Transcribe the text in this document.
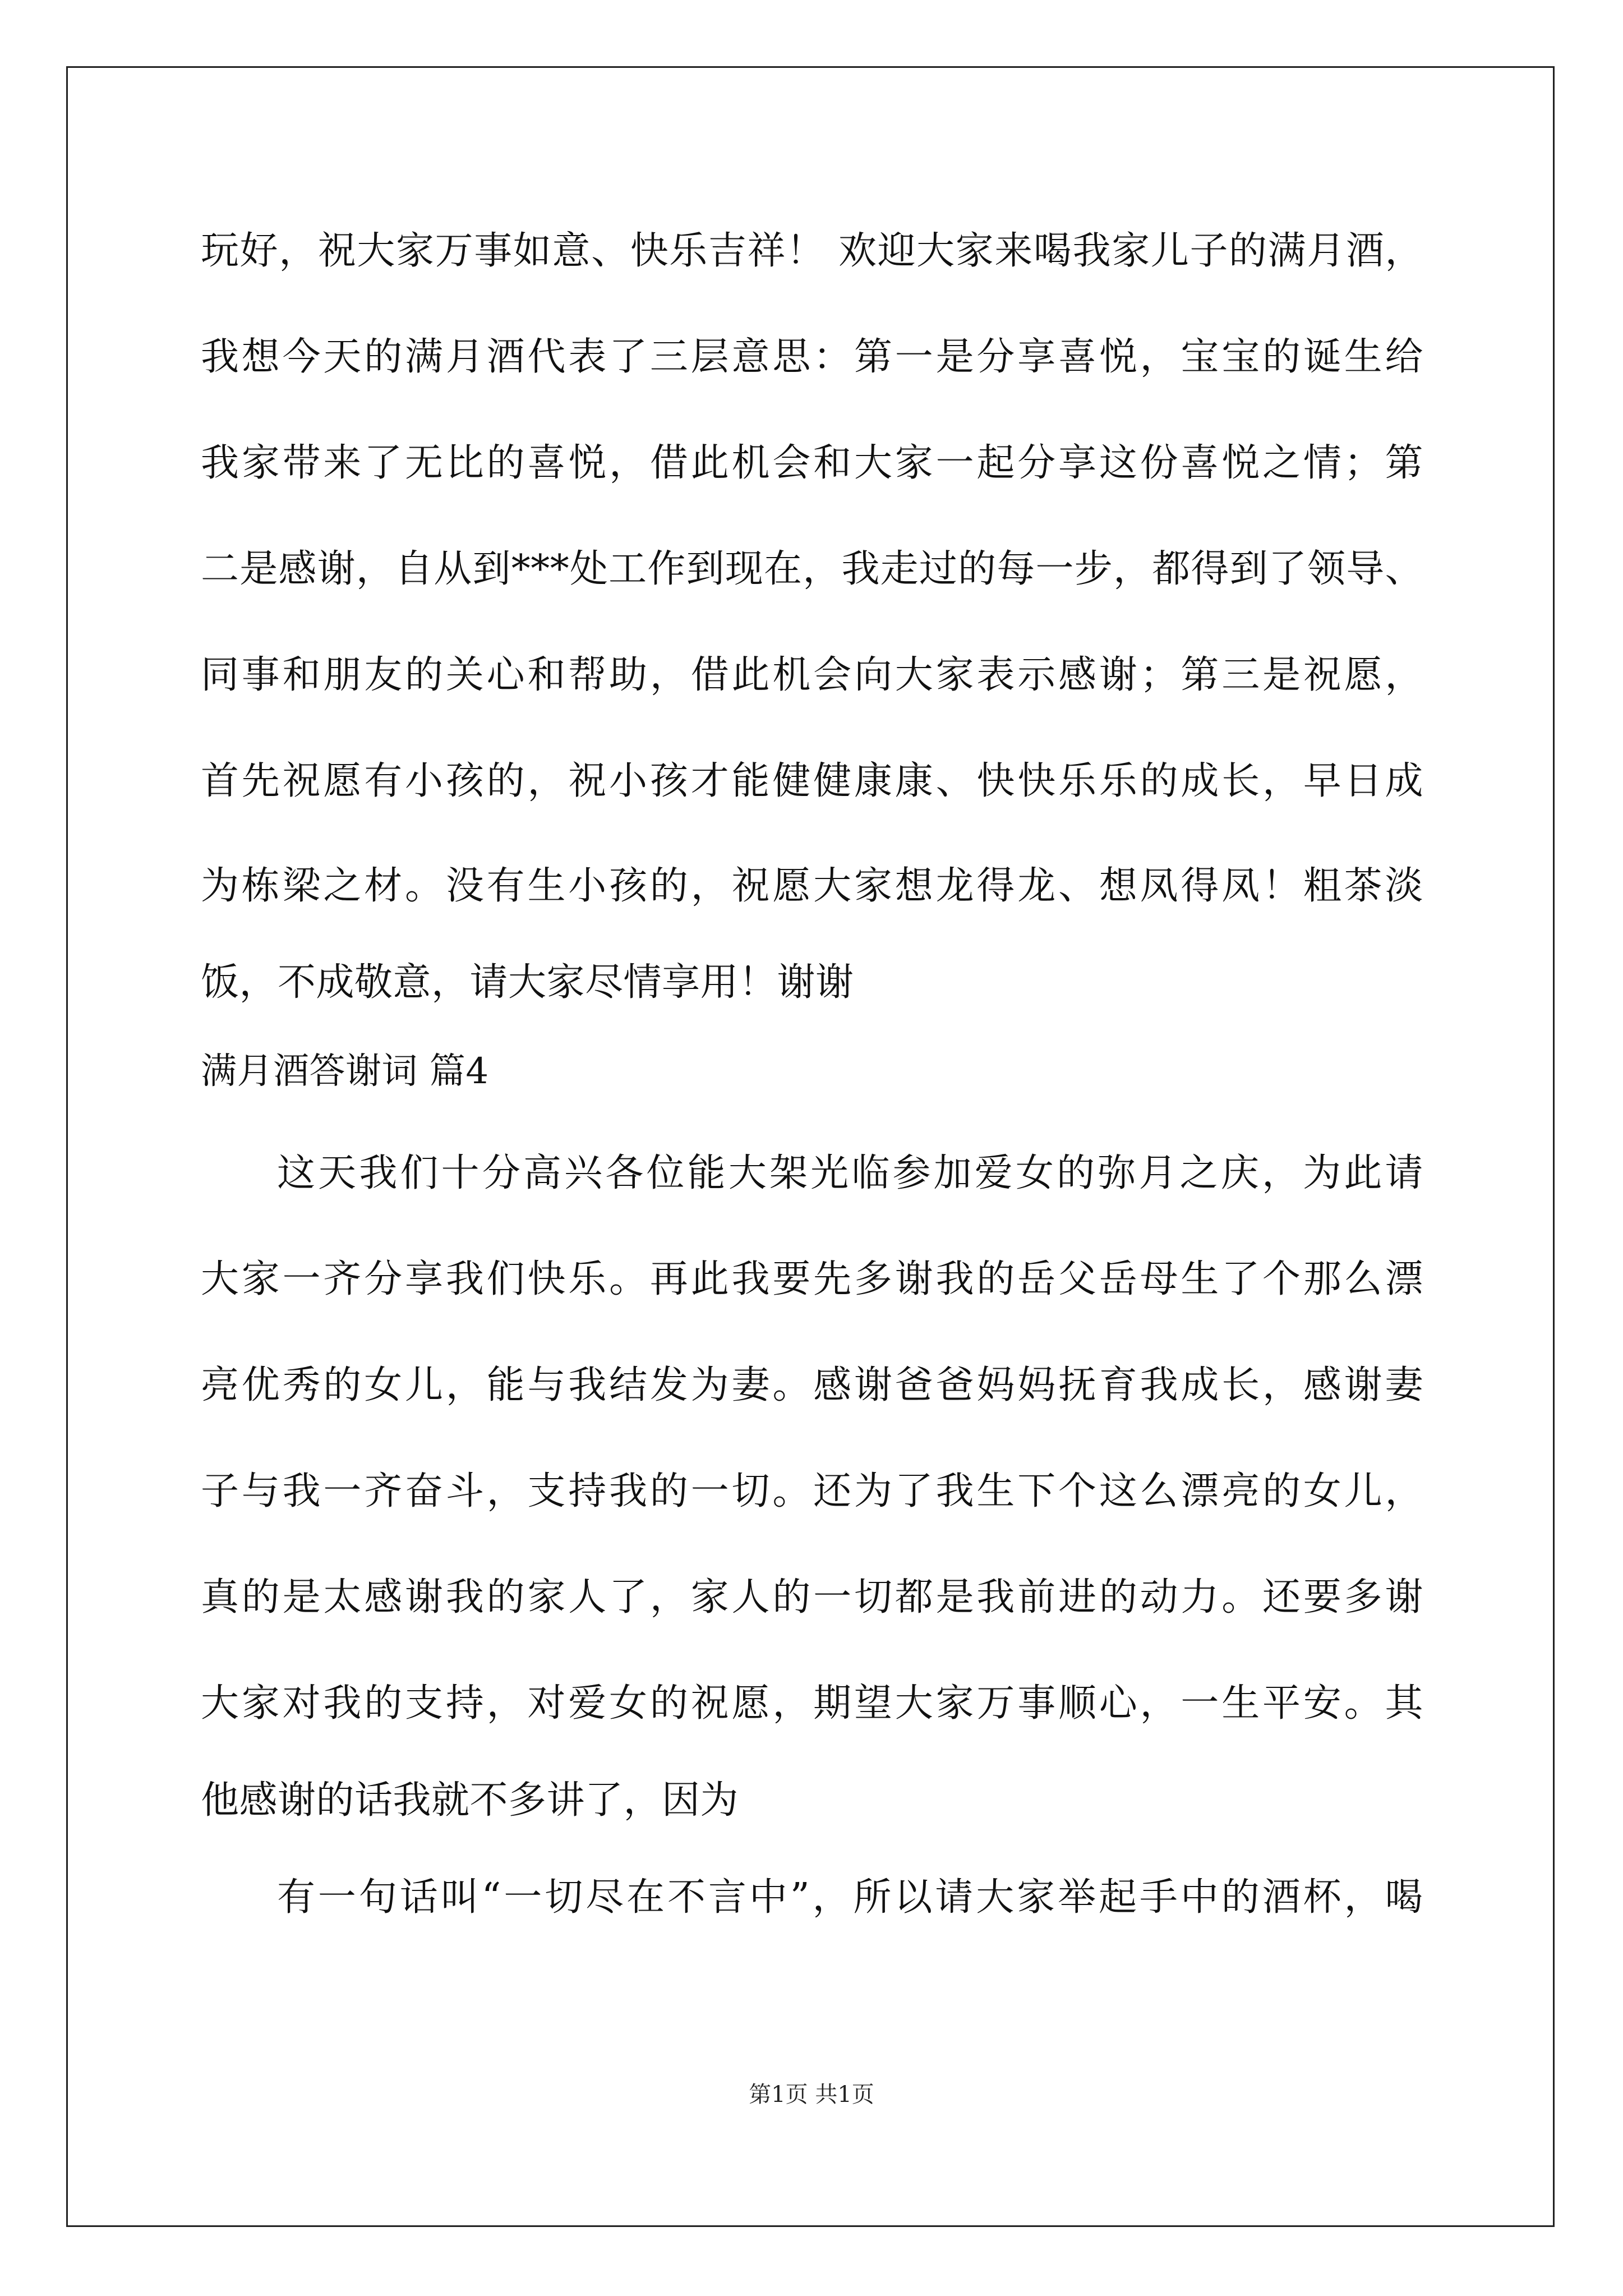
玩好，祝大家万事如意、快乐吉祥！ 欢迎大家来喝我家儿子的满月酒，
我想今天的满月酒代表了三层意思：第一是分享喜悦，宝宝的诞生给
我家带来了无比的喜悦，借此机会和大家一起分享这份喜悦之情；第
二是感谢，自从到***处工作到现在，我走过的每一步，都得到了领导、
同事和朋友的关心和帮助，借此机会向大家表示感谢；第三是祝愿，
首先祝愿有小孩的，祝小孩才能健健康康、快快乐乐的成长，早日成
为栋梁之材。没有生小孩的，祝愿大家想龙得龙、想凤得凤！粗茶淡
饭，不成敬意，请大家尽情享用！谢谢
满月酒答谢词 篇4
这天我们十分高兴各位能大架光临参加爱女的弥月之庆，为此请
大家一齐分享我们快乐。再此我要先多谢我的岳父岳母生了个那么漂
亮优秀的女儿，能与我结发为妻。感谢爸爸妈妈抚育我成长，感谢妻
子与我一齐奋斗，支持我的一切。还为了我生下个这么漂亮的女儿，
真的是太感谢我的家人了，家人的一切都是我前进的动力。还要多谢
大家对我的支持，对爱女的祝愿，期望大家万事顺心，一生平安。其
他感谢的话我就不多讲了，因为
有一句话叫“一切尽在不言中”，所以请大家举起手中的酒杯，喝
第1页 共1页
